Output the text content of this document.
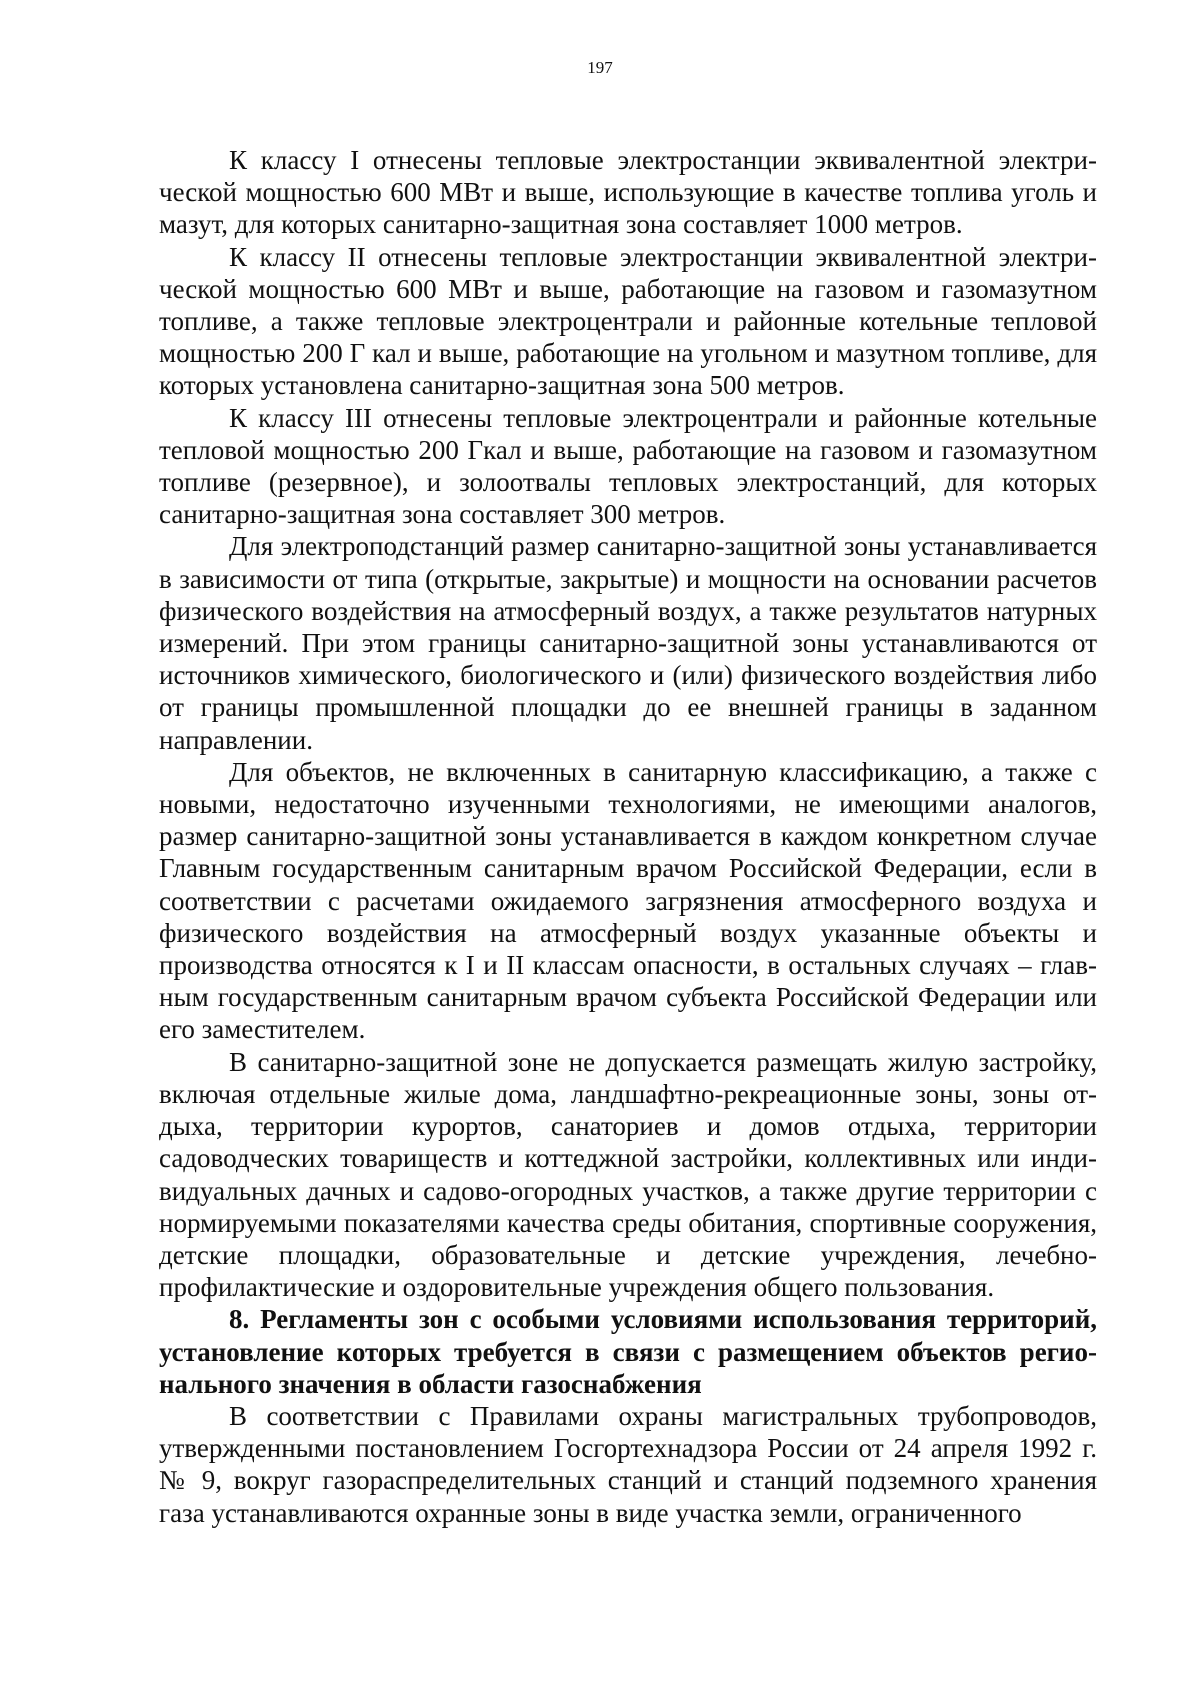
197

К классу I отнесены тепловые электростанции эквивалентной электрической мощностью 600 МВт и выше, использующие в качестве топлива уголь и мазут, для которых санитарно-защитная зона составляет 1000 метров.

К классу II отнесены тепловые электростанции эквивалентной электрической мощностью 600 МВт и выше, работающие на газовом и газомазутном топливе, а также тепловые электроцентрали и районные котельные тепловой мощностью 200 Г кал и выше, работающие на угольном и мазутном топливе, для которых установлена санитарно-защитная зона 500 метров.

К классу III отнесены тепловые электроцентрали и районные котельные тепловой мощностью 200 Гкал и выше, работающие на газовом и газомазутном топливе (резервное), и золоотвалы тепловых электростанций, для которых санитарно-защитная зона составляет 300 метров.

Для электроподстанций размер санитарно-защитной зоны устанавливается в зависимости от типа (открытые, закрытые) и мощности на основании расчетов физического воздействия на атмосферный воздух, а также результатов натурных измерений. При этом границы санитарно-защитной зоны устанавливаются от источников химического, биологического и (или) физического воздействия либо от границы промышленной площадки до ее внешней границы в заданном направлении.

Для объектов, не включенных в санитарную классификацию, а также с новыми, недостаточно изученными технологиями, не имеющими аналогов, размер санитарно-защитной зоны устанавливается в каждом конкретном случае Главным государственным санитарным врачом Российской Федерации, если в соответствии с расчетами ожидаемого загрязнения атмосферного воздуха и физического воздействия на атмосферный воздух указанные объекты и производства относятся к I и II классам опасности, в остальных случаях – главным государственным санитарным врачом субъекта Российской Федерации или его заместителем.

В санитарно-защитной зоне не допускается размещать жилую застройку, включая отдельные жилые дома, ландшафтно-рекреационные зоны, зоны отдыха, территории курортов, санаториев и домов отдыха, территории садоводческих товариществ и коттеджной застройки, коллективных или индивидуальных дачных и садово-огородных участков, а также другие территории с нормируемыми показателями качества среды обитания, спортивные сооружения, детские площадки, образовательные и детские учреждения, лечебно-профилактические и оздоровительные учреждения общего пользования.

8. Регламенты зон с особыми условиями использования территорий, установление которых требуется в связи с размещением объектов регионального значения в области газоснабжения

В соответствии с Правилами охраны магистральных трубопроводов, утвержденными постановлением Госгортехнадзора России от 24 апреля 1992 г. № 9, вокруг газораспределительных станций и станций подземного хранения газа устанавливаются охранные зоны в виде участка земли, ограниченного
